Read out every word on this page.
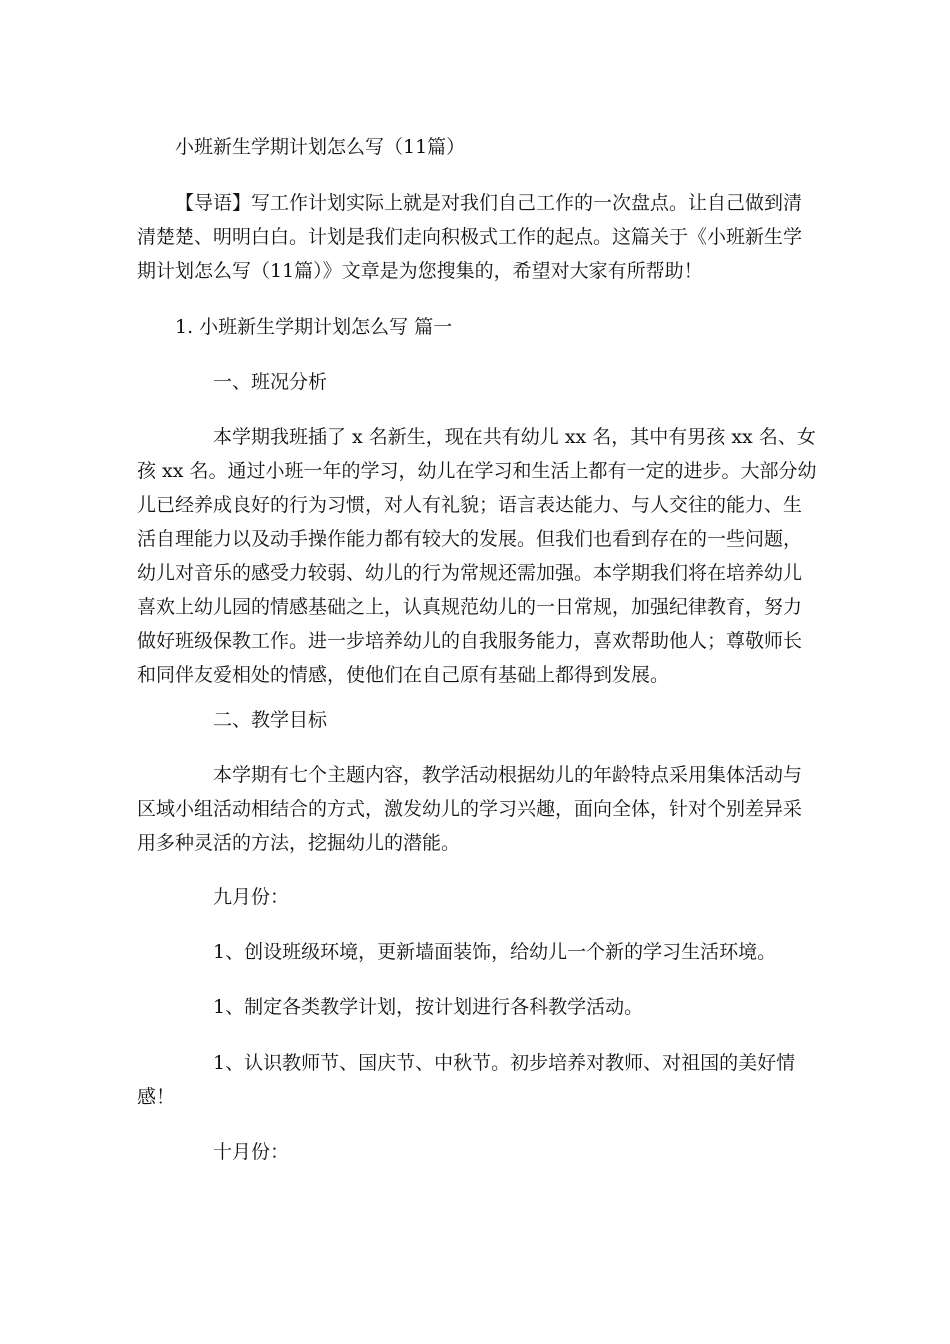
小班新生学期计划怎么写（11篇）

【导语】写工作计划实际上就是对我们自己工作的一次盘点。让自己做到清

清楚楚、明明白白。计划是我们走向积极式工作的起点。这篇关于《小班新生学

期计划怎么写（11篇）》文章是为您搜集的，希望对大家有所帮助！

1. 小班新生学期计划怎么写 篇一

一、班况分析

本学期我班插了 x 名新生，现在共有幼儿 xx 名，其中有男孩 xx 名、女

孩 xx 名。通过小班一年的学习，幼儿在学习和生活上都有一定的进步。大部分幼

儿已经养成良好的行为习惯，对人有礼貌；语言表达能力、与人交往的能力、生

活自理能力以及动手操作能力都有较大的发展。但我们也看到存在的一些问题，

幼儿对音乐的感受力较弱、幼儿的行为常规还需加强。本学期我们将在培养幼儿

喜欢上幼儿园的情感基础之上，认真规范幼儿的一日常规，加强纪律教育，努力

做好班级保教工作。进一步培养幼儿的自我服务能力，喜欢帮助他人；尊敬师长

和同伴友爱相处的情感，使他们在自己原有基础上都得到发展。

二、教学目标

本学期有七个主题内容，教学活动根据幼儿的年龄特点采用集体活动与

区域小组活动相结合的方式，激发幼儿的学习兴趣，面向全体，针对个别差异采

用多种灵活的方法，挖掘幼儿的潜能。

九月份：

1、创设班级环境，更新墙面装饰，给幼儿一个新的学习生活环境。

1、制定各类教学计划，按计划进行各科教学活动。

1、认识教师节、国庆节、中秋节。初步培养对教师、对祖国的美好情

感！

十月份：
